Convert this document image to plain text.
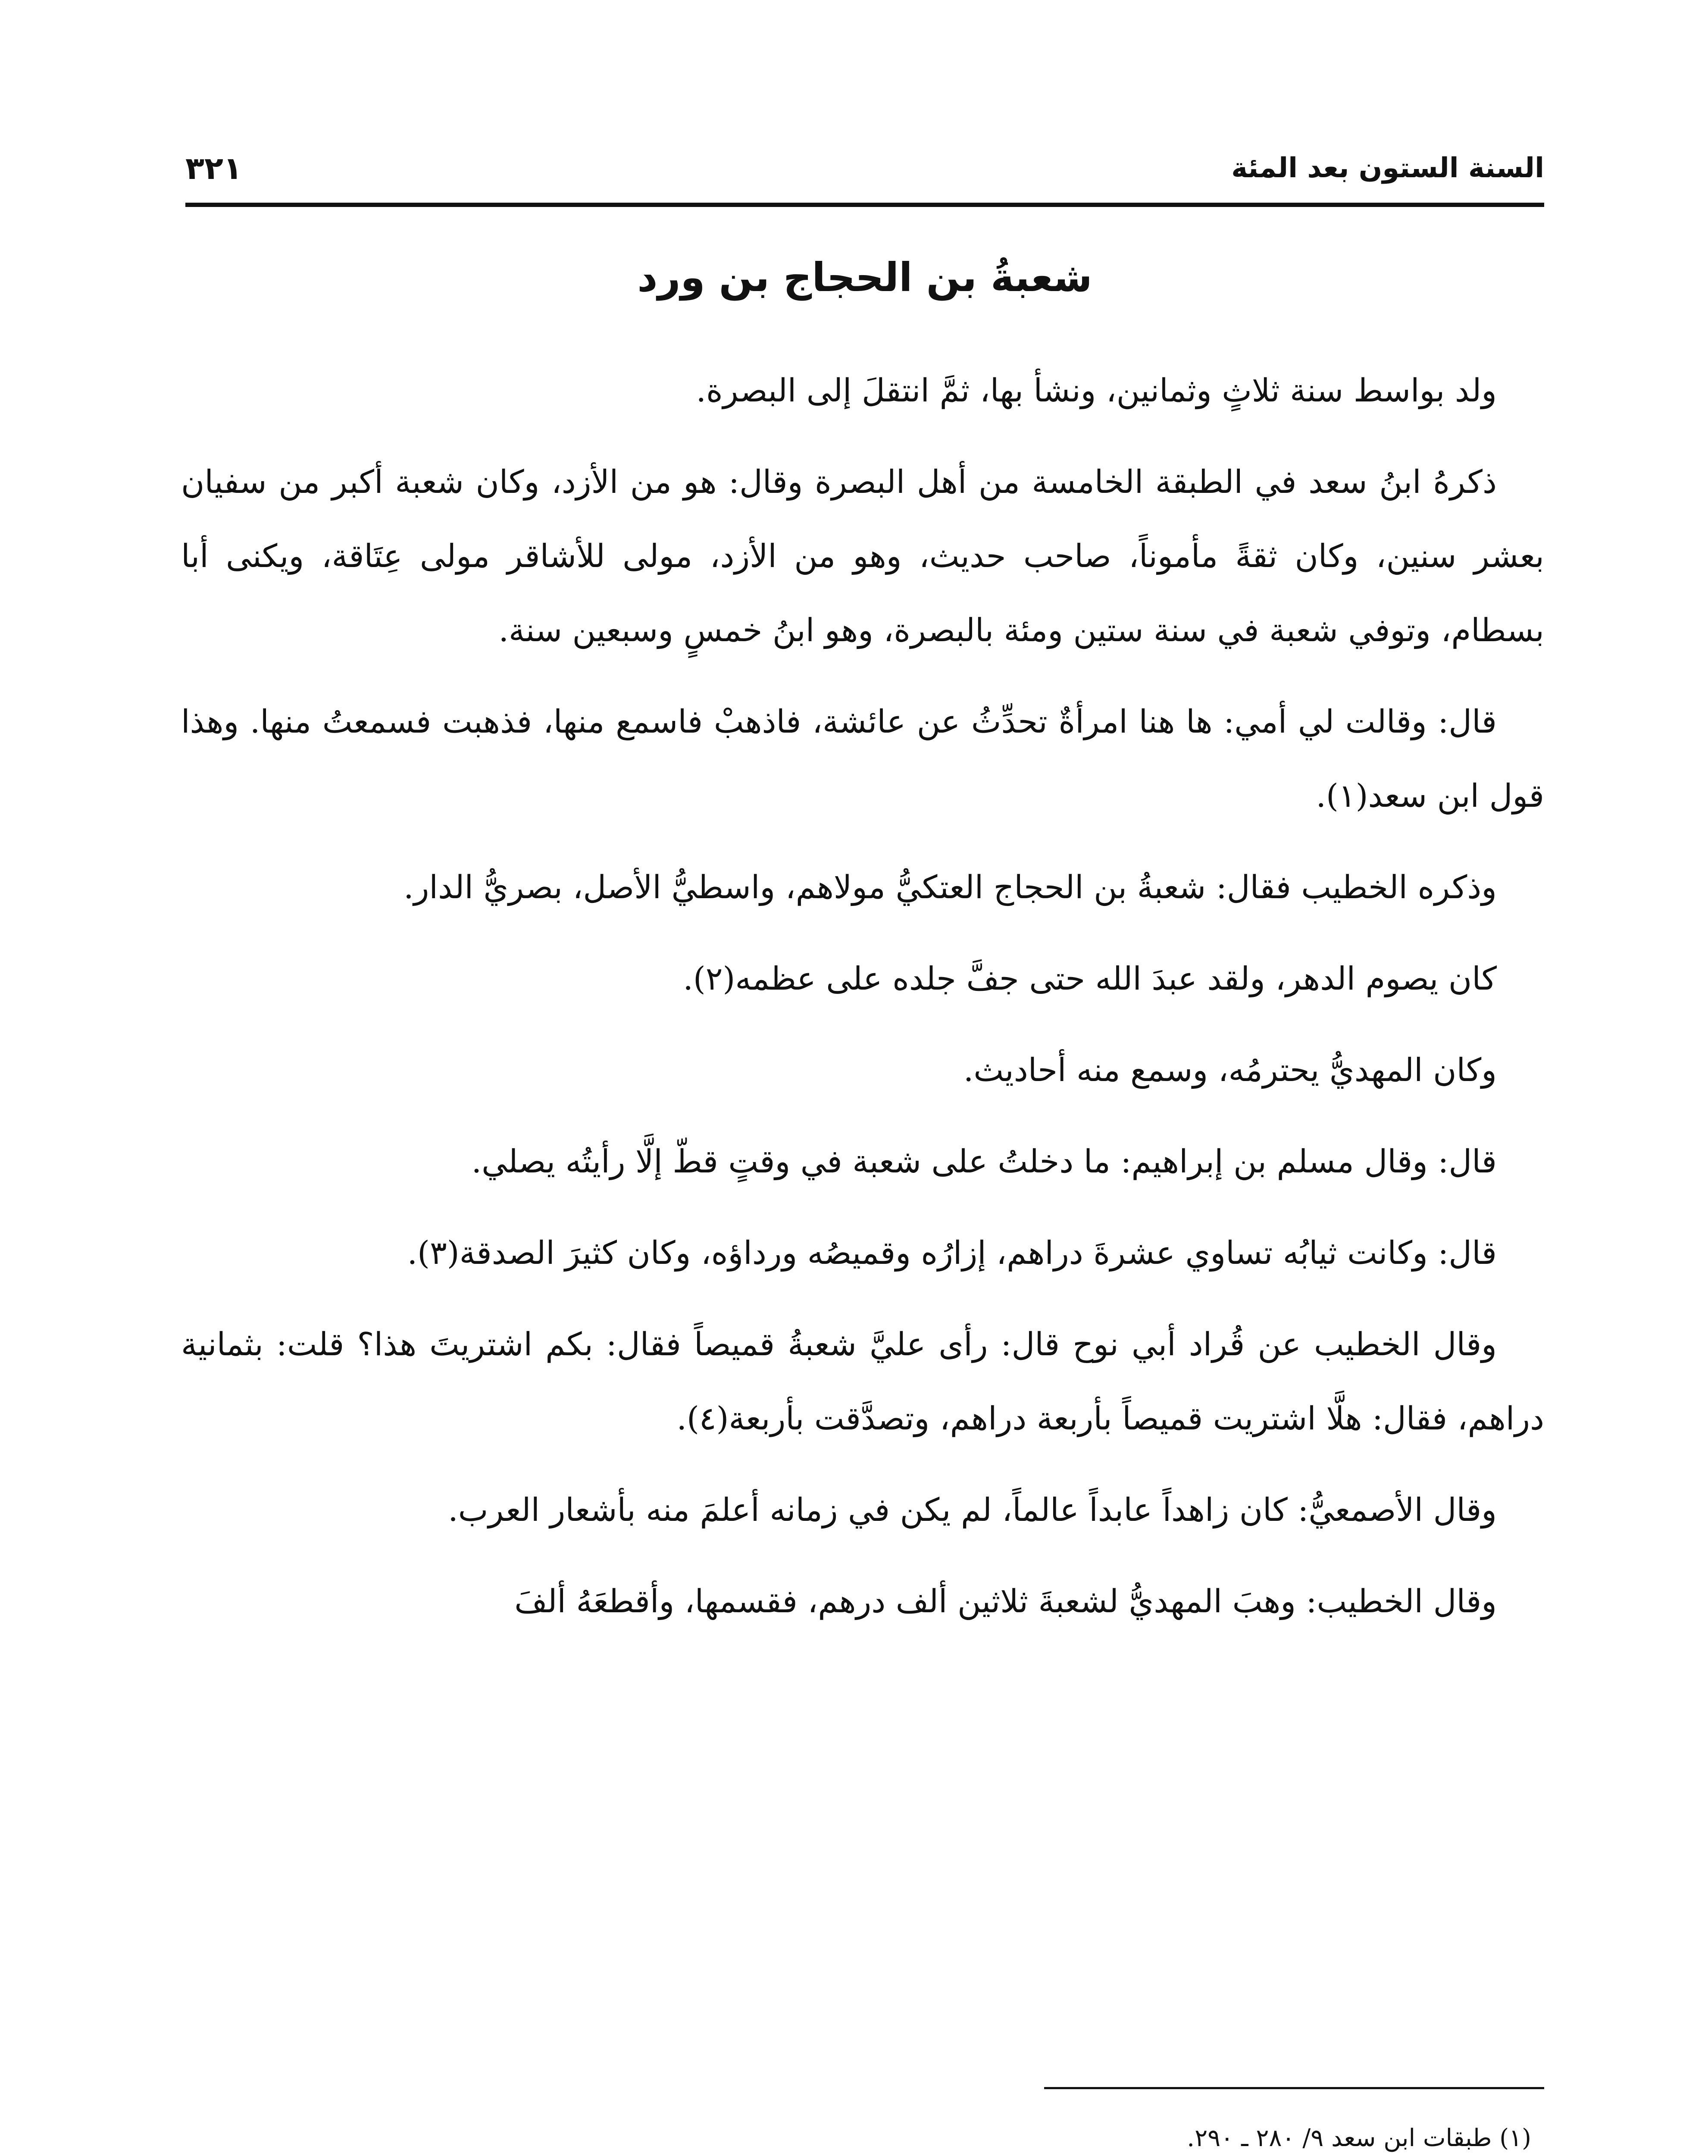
السنة الستون بعد المئة
٣٢١
شعبةُ بن الحجاج بن ورد

ولد بواسط سنة ثلاثٍ وثمانين، ونشأ بها، ثمَّ انتقلَ إلى البصرة.

ذكرهُ ابنُ سعد في الطبقة الخامسة من أهل البصرة وقال: هو من الأزد، وكان شعبة أكبر من سفيان بعشر سنين، وكان ثقةً مأموناً، صاحب حديث، وهو من الأزد، مولى للأشاقر مولى عِتَاقة، ويكنى أبا بسطام، وتوفي شعبة في سنة ستين ومئة بالبصرة، وهو ابنُ خمسٍ وسبعين سنة.

قال: وقالت لي أمي: ها هنا امرأةٌ تحدِّثُ عن عائشة، فاذهبْ فاسمع منها، فذهبت فسمعتُ منها. وهذا قول ابن سعد(١).

وذكره الخطيب فقال: شعبةُ بن الحجاج العتكيُّ مولاهم، واسطيُّ الأصل، بصريُّ الدار.

كان يصوم الدهر، ولقد عبدَ الله حتى جفَّ جلده على عظمه(٢).

وكان المهديُّ يحترمُه، وسمع منه أحاديث.

قال: وقال مسلم بن إبراهيم: ما دخلتُ على شعبة في وقتٍ قطّ إلَّا رأيتُه يصلي.

قال: وكانت ثيابُه تساوي عشرةَ دراهم، إزارُه وقميصُه ورداؤه، وكان كثيرَ الصدقة(٣).

وقال الخطيب عن قُراد أبي نوح قال: رأى عليَّ شعبةُ قميصاً فقال: بكم اشتريتَ هذا؟ قلت: بثمانية دراهم، فقال: هلَّا اشتريت قميصاً بأربعة دراهم، وتصدَّقت بأربعة(٤).

وقال الأصمعيُّ: كان زاهداً عابداً عالماً، لم يكن في زمانه أعلمَ منه بأشعار العرب.

وقال الخطيب: وهبَ المهديُّ لشعبةَ ثلاثين ألف درهم، فقسمها، وأقطعَهُ ألفَ

(١) طبقات ابن سعد ٩/ ٢٨٠ ـ ٢٩٠.
